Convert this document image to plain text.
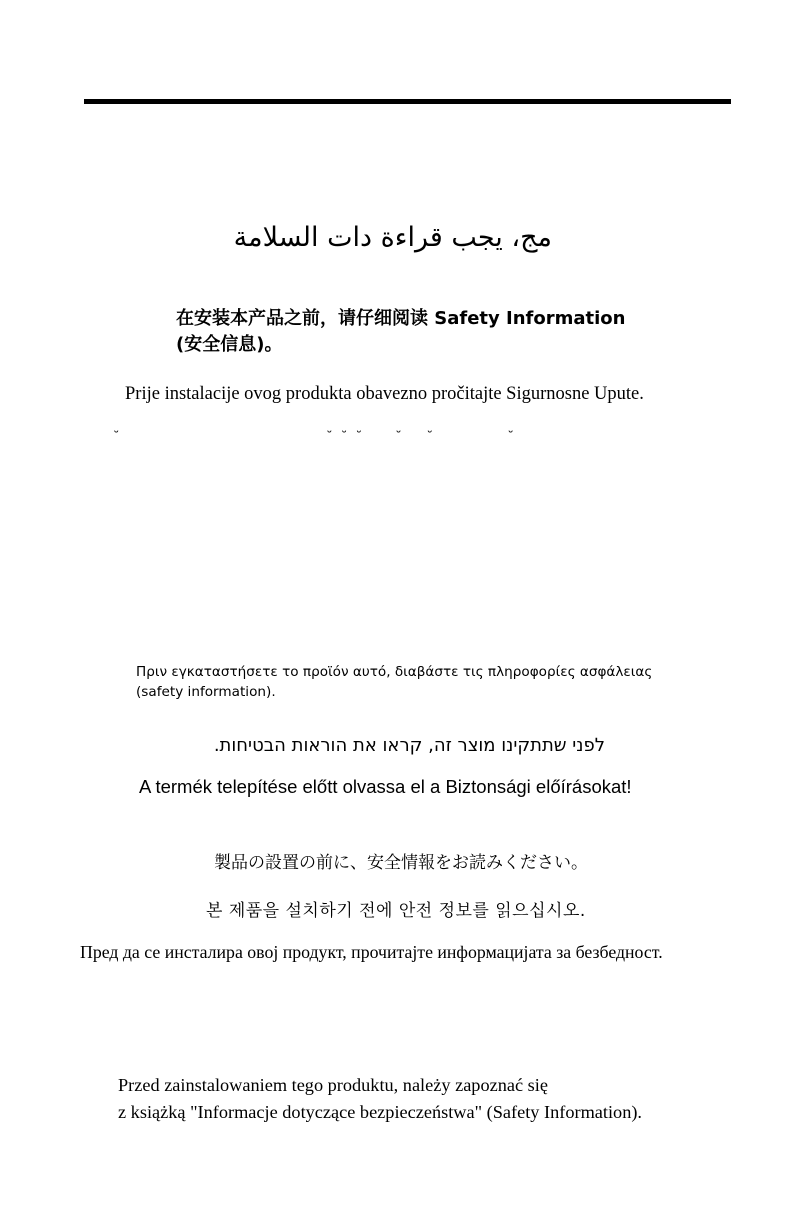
مج، يجب قراءة دات السلامة

在安装本产品之前，请仔细阅读 Safety Information
(安全信息)。

Prije instalacije ovog produkta obavezno pročitajte Sigurnosne Upute.

˘                                                  ˘  ˘  ˘        ˘      ˘                  ˘

Πριν εγκαταστήσετε το προϊόν αυτό, διαβάστε τις πληροφορίες ασφάλειας
(safety information).

לפני שתתקינו מוצר זה, קראו את הוראות הבטיחות.

A termék telepítése előtt olvassa el a Biztonsági előírásokat!

製品の設置の前に、安全情報をお読みください。

본 제품을 설치하기 전에 안전 정보를 읽으십시오.

Пред да се инсталира овој продукт, прочитајте информацијата за безбедност.

Przed zainstalowaniem tego produktu, należy zapoznać się
z książką "Informacje dotyczące bezpieczeństwa" (Safety Information).
